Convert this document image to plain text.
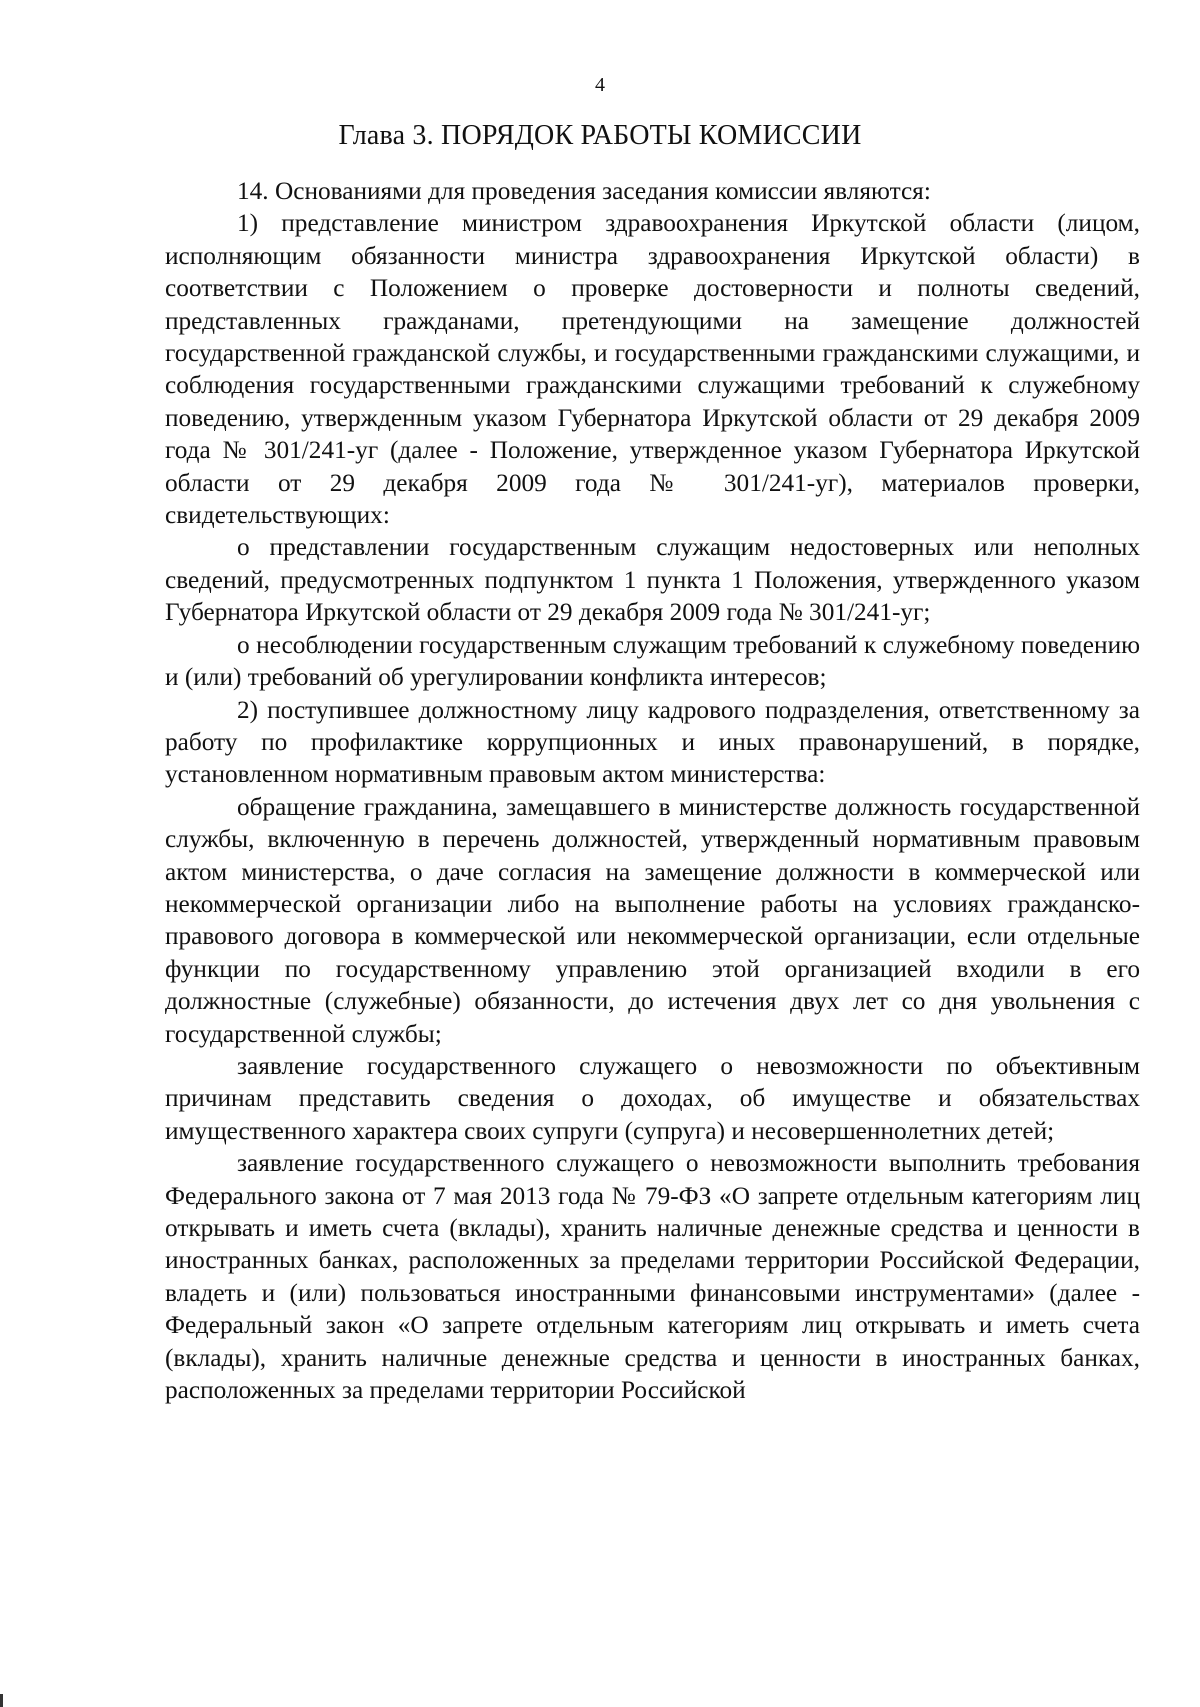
4
Глава 3. ПОРЯДОК РАБОТЫ КОМИССИИ

14. Основаниями для проведения заседания комиссии являются:

1) представление министром здравоохранения Иркутской области (лицом, исполняющим обязанности министра здравоохранения Иркутской области) в соответствии с Положением о проверке достоверности и полноты сведений, представленных гражданами, претендующими на замещение должностей государственной гражданской службы, и государственными гражданскими служащими, и соблюдения государственными гражданскими служащими требований к служебному поведению, утвержденным указом Губернатора Иркутской области от 29 декабря 2009 года № 301/241-уг (далее - Положение, утвержденное указом Губернатора Иркутской области от 29 декабря 2009 года № 301/241-уг), материалов проверки, свидетельствующих:

о представлении государственным служащим недостоверных или неполных сведений, предусмотренных подпунктом 1 пункта 1 Положения, утвержденного указом Губернатора Иркутской области от 29 декабря 2009 года № 301/241-уг;

о несоблюдении государственным служащим требований к служебному поведению и (или) требований об урегулировании конфликта интересов;

2) поступившее должностному лицу кадрового подразделения, ответственному за работу по профилактике коррупционных и иных правонарушений, в порядке, установленном нормативным правовым актом министерства:

обращение гражданина, замещавшего в министерстве должность государственной службы, включенную в перечень должностей, утвержденный нормативным правовым актом министерства, о даче согласия на замещение должности в коммерческой или некоммерческой организации либо на выполнение работы на условиях гражданско-правового договора в коммерческой или некоммерческой организации, если отдельные функции по государственному управлению этой организацией входили в его должностные (служебные) обязанности, до истечения двух лет со дня увольнения с государственной службы;

заявление государственного служащего о невозможности по объективным причинам представить сведения о доходах, об имуществе и обязательствах имущественного характера своих супруги (супруга) и несовершеннолетних детей;

заявление государственного служащего о невозможности выполнить требования Федерального закона от 7 мая 2013 года № 79-ФЗ «О запрете отдельным категориям лиц открывать и иметь счета (вклады), хранить наличные денежные средства и ценности в иностранных банках, расположенных за пределами территории Российской Федерации, владеть и (или) пользоваться иностранными финансовыми инструментами» (далее - Федеральный закон «О запрете отдельным категориям лиц открывать и иметь счета (вклады), хранить наличные денежные средства и ценности в иностранных банках, расположенных за пределами территории Российской
